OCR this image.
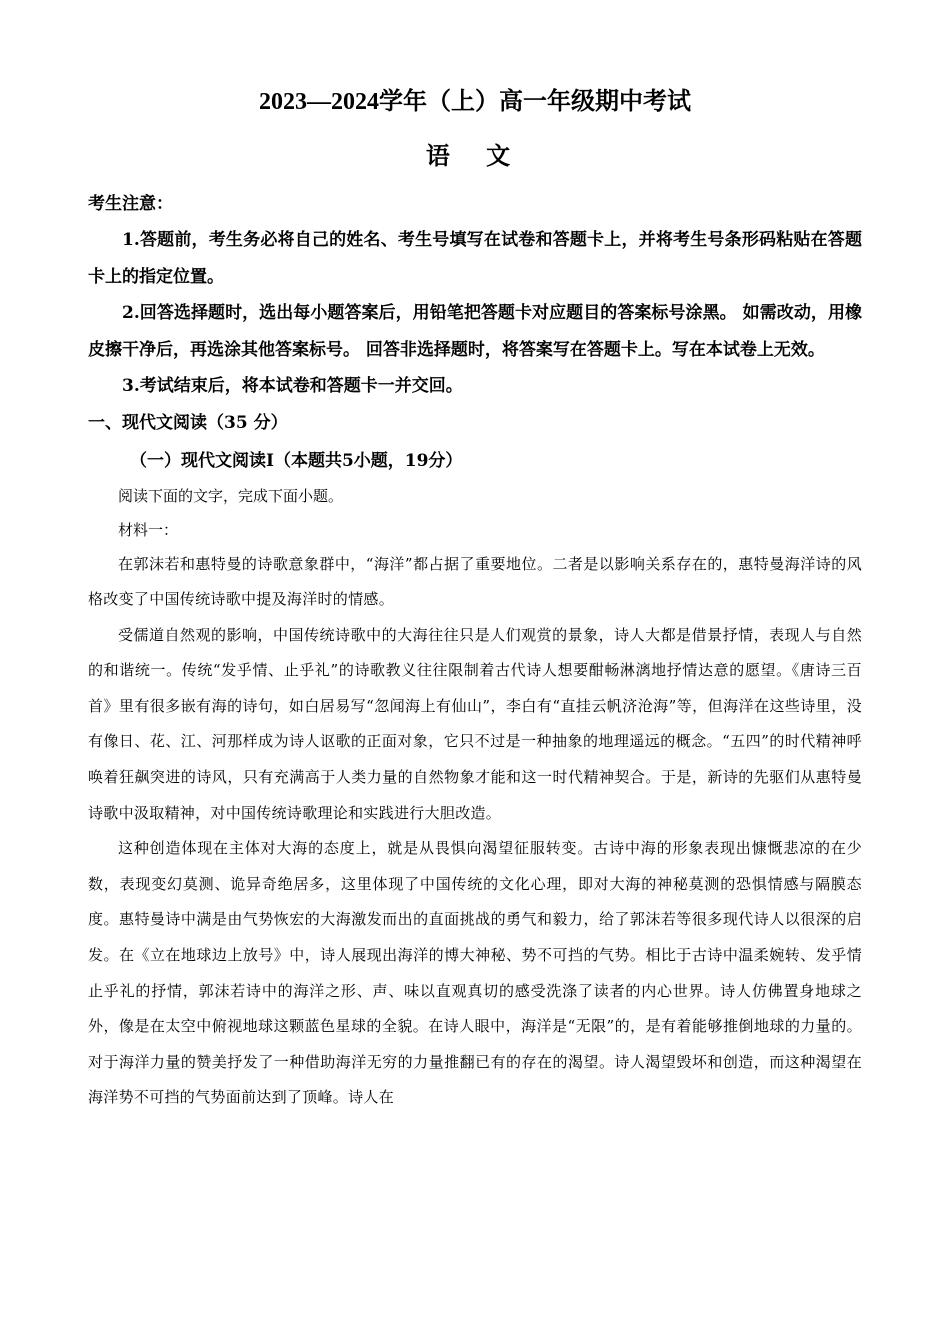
2023—2024学年（上）高一年级期中考试
语 文
考生注意：

1.答题前，考生务必将自己的姓名、考生号填写在试卷和答题卡上，并将考生号条形码粘贴在答题卡上的指定位置。

2.回答选择题时，选出每小题答案后，用铅笔把答题卡对应题目的答案标号涂黑。 如需改动，用橡皮擦干净后，再选涂其他答案标号。 回答非选择题时，将答案写在答题卡上。写在本试卷上无效。

3.考试结束后，将本试卷和答题卡一并交回。

一、现代文阅读（35 分）
（一）现代文阅读Ⅰ（本题共5小题，19分）
阅读下面的文字，完成下面小题。
材料一：

在郭沫若和惠特曼的诗歌意象群中，“海洋”都占据了重要地位。二者是以影响关系存在的，惠特曼海洋诗的风格改变了中国传统诗歌中提及海洋时的情感。

受儒道自然观的影响，中国传统诗歌中的大海往往只是人们观赏的景象，诗人大都是借景抒情，表现人与自然的和谐统一。传统“发乎情、止乎礼”的诗歌教义往往限制着古代诗人想要酣畅淋漓地抒情达意的愿望。《唐诗三百首》里有很多嵌有海的诗句，如白居易写“忽闻海上有仙山”，李白有“直挂云帆济沧海”等，但海洋在这些诗里，没有像日、花、江、河那样成为诗人讴歌的正面对象，它只不过是一种抽象的地理遥远的概念。“五四”的时代精神呼唤着狂飙突进的诗风，只有充满高于人类力量的自然物象才能和这一时代精神契合。于是，新诗的先驱们从惠特曼诗歌中汲取精神，对中国传统诗歌理论和实践进行大胆改造。

这种创造体现在主体对大海的态度上，就是从畏惧向渴望征服转变。古诗中海的形象表现出慷慨悲凉的在少数，表现变幻莫测、诡异奇绝居多，这里体现了中国传统的文化心理，即对大海的神秘莫测的恐惧情感与隔膜态度。惠特曼诗中满是由气势恢宏的大海激发而出的直面挑战的勇气和毅力，给了郭沫若等很多现代诗人以很深的启发。在《立在地球边上放号》中，诗人展现出海洋的博大神秘、势不可挡的气势。相比于古诗中温柔婉转、发乎情止乎礼的抒情，郭沫若诗中的海洋之形、声、味以直观真切的感受洗涤了读者的内心世界。诗人仿佛置身地球之外，像是在太空中俯视地球这颗蓝色星球的全貌。在诗人眼中，海洋是“无限”的，是有着能够推倒地球的力量的。对于海洋力量的赞美抒发了一种借助海洋无穷的力量推翻已有的存在的渴望。诗人渴望毁坏和创造，而这种渴望在海洋势不可挡的气势面前达到了顶峰。诗人在
